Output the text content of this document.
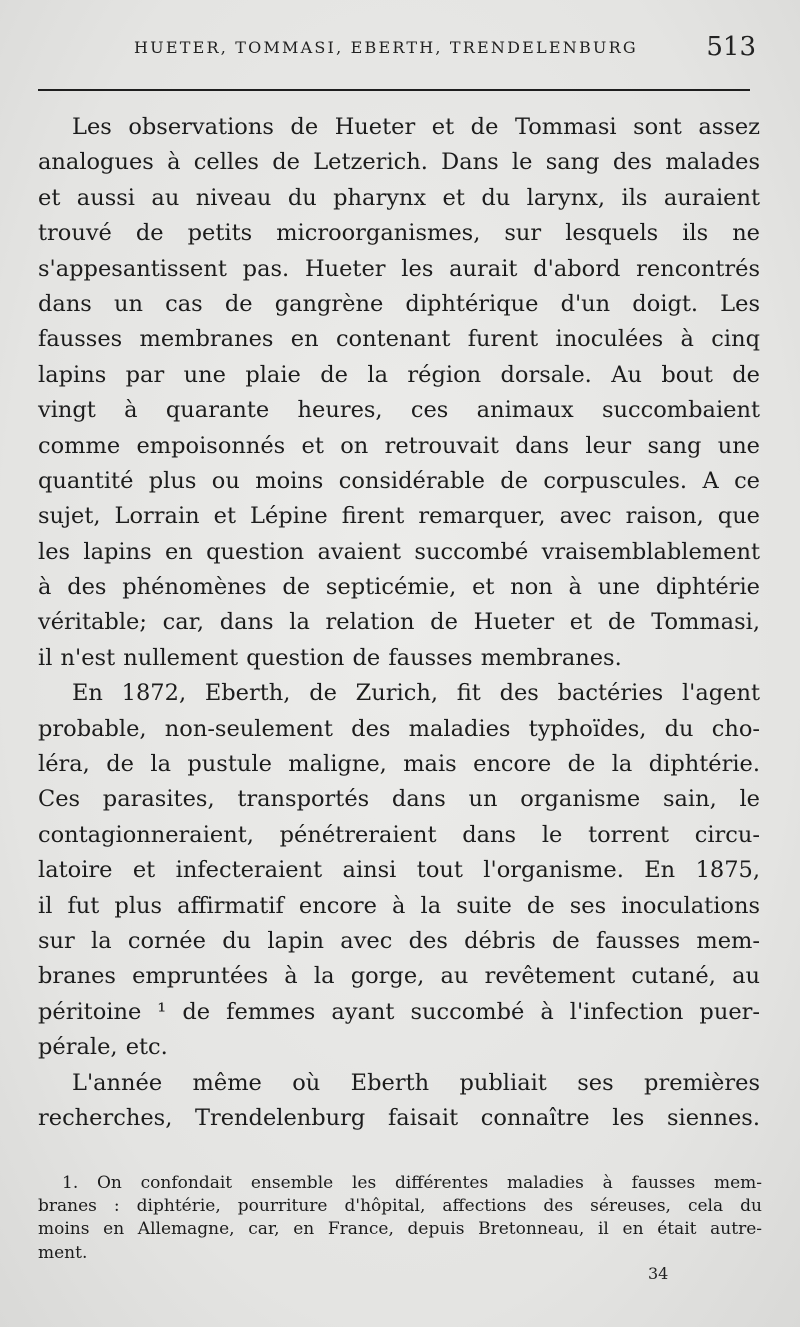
HUETER, TOMMASI, EBERTH, TRENDELENBURG	513
Les observations de Hueter et de Tommasi sont assez
analogues à celles de Letzerich. Dans le sang des malades
et aussi au niveau du pharynx et du larynx, ils auraient
trouvé de petits microorganismes, sur lesquels ils ne
s'appesantissent pas. Hueter les aurait d'abord rencontrés
dans un cas de gangrène diphtérique d'un doigt. Les
fausses membranes en contenant furent inoculées à cinq
lapins par une plaie de la région dorsale. Au bout de
vingt à quarante heures, ces animaux succombaient
comme empoisonnés et on retrouvait dans leur sang une
quantité plus ou moins considérable de corpuscules. A ce
sujet, Lorrain et Lépine firent remarquer, avec raison, que
les lapins en question avaient succombé vraisemblablement
à des phénomènes de septicémie, et non à une diphtérie
véritable; car, dans la relation de Hueter et de Tommasi,
il n'est nullement question de fausses membranes.
En 1872, Eberth, de Zurich, fit des bactéries l'agent
probable, non-seulement des maladies typhoïdes, du cho-
léra, de la pustule maligne, mais encore de la diphtérie.
Ces parasites, transportés dans un organisme sain, le
contagionneraient, pénétreraient dans le torrent circu-
latoire et infecteraient ainsi tout l'organisme. En 1875,
il fut plus affirmatif encore à la suite de ses inoculations
sur la cornée du lapin avec des débris de fausses mem-
branes empruntées à la gorge, au revêtement cutané, au
péritoine ¹ de femmes ayant succombé à l'infection puer-
pérale, etc.
L'année même où Eberth publiait ses premières
recherches, Trendelenburg faisait connaître les siennes.
1. On confondait ensemble les différentes maladies à fausses mem-
branes : diphtérie, pourriture d'hôpital, affections des séreuses, cela du
moins en Allemagne, car, en France, depuis Bretonneau, il en était autre-
ment.
34
